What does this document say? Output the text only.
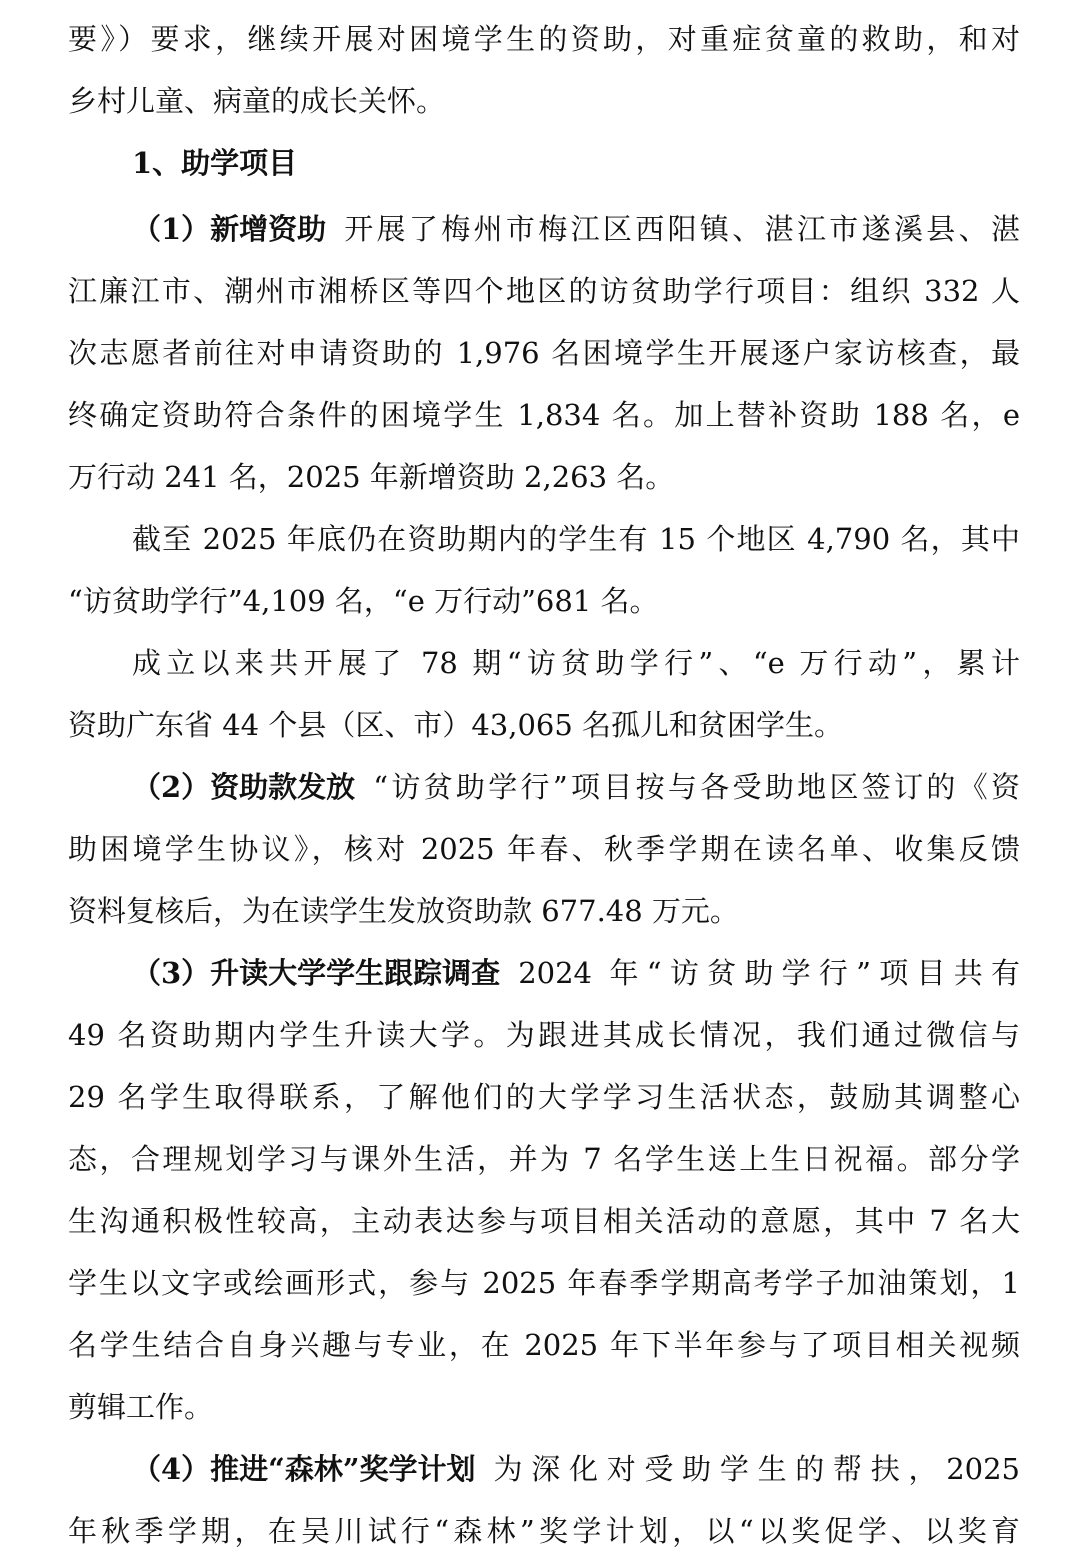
要》）要求，继续开展对困境学生的资助，对重症贫童的救助，和对
乡村儿童、病童的成长关怀。
1、助学项目
（1）新增资助 开展了梅州市梅江区西阳镇、湛江市遂溪县、湛
江廉江市、潮州市湘桥区等四个地区的访贫助学行项目：组织 332 人
次志愿者前往对申请资助的 1,976 名困境学生开展逐户家访核查，最
终确定资助符合条件的困境学生 1,834 名。加上替补资助 188 名，e
万行动 241 名，2025 年新增资助 2,263 名。
截至 2025 年底仍在资助期内的学生有 15 个地区 4,790 名，其中
“访贫助学行”4,109 名，“e 万行动”681 名。
成立以来共开展了 78 期“访贫助学行”、“e 万行动”，累计
资助广东省 44 个县（区、市）43,065 名孤儿和贫困学生。
（2）资助款发放 “访贫助学行”项目按与各受助地区签订的《资
助困境学生协议》，核对 2025 年春、秋季学期在读名单、收集反馈
资料复核后，为在读学生发放资助款 677.48 万元。
（3）升读大学学生跟踪调查 2024 年“访贫助学行”项目共有
49 名资助期内学生升读大学。为跟进其成长情况，我们通过微信与
29 名学生取得联系，了解他们的大学学习生活状态，鼓励其调整心
态，合理规划学习与课外生活，并为 7 名学生送上生日祝福。部分学
生沟通积极性较高，主动表达参与项目相关活动的意愿，其中 7 名大
学生以文字或绘画形式，参与 2025 年春季学期高考学子加油策划，1
名学生结合自身兴趣与专业，在 2025 年下半年参与了项目相关视频
剪辑工作。
（4）推进“森林”奖学计划 为深化对受助学生的帮扶，2025
年秋季学期，在吴川试行“森林”奖学计划，以“以奖促学、以奖育
